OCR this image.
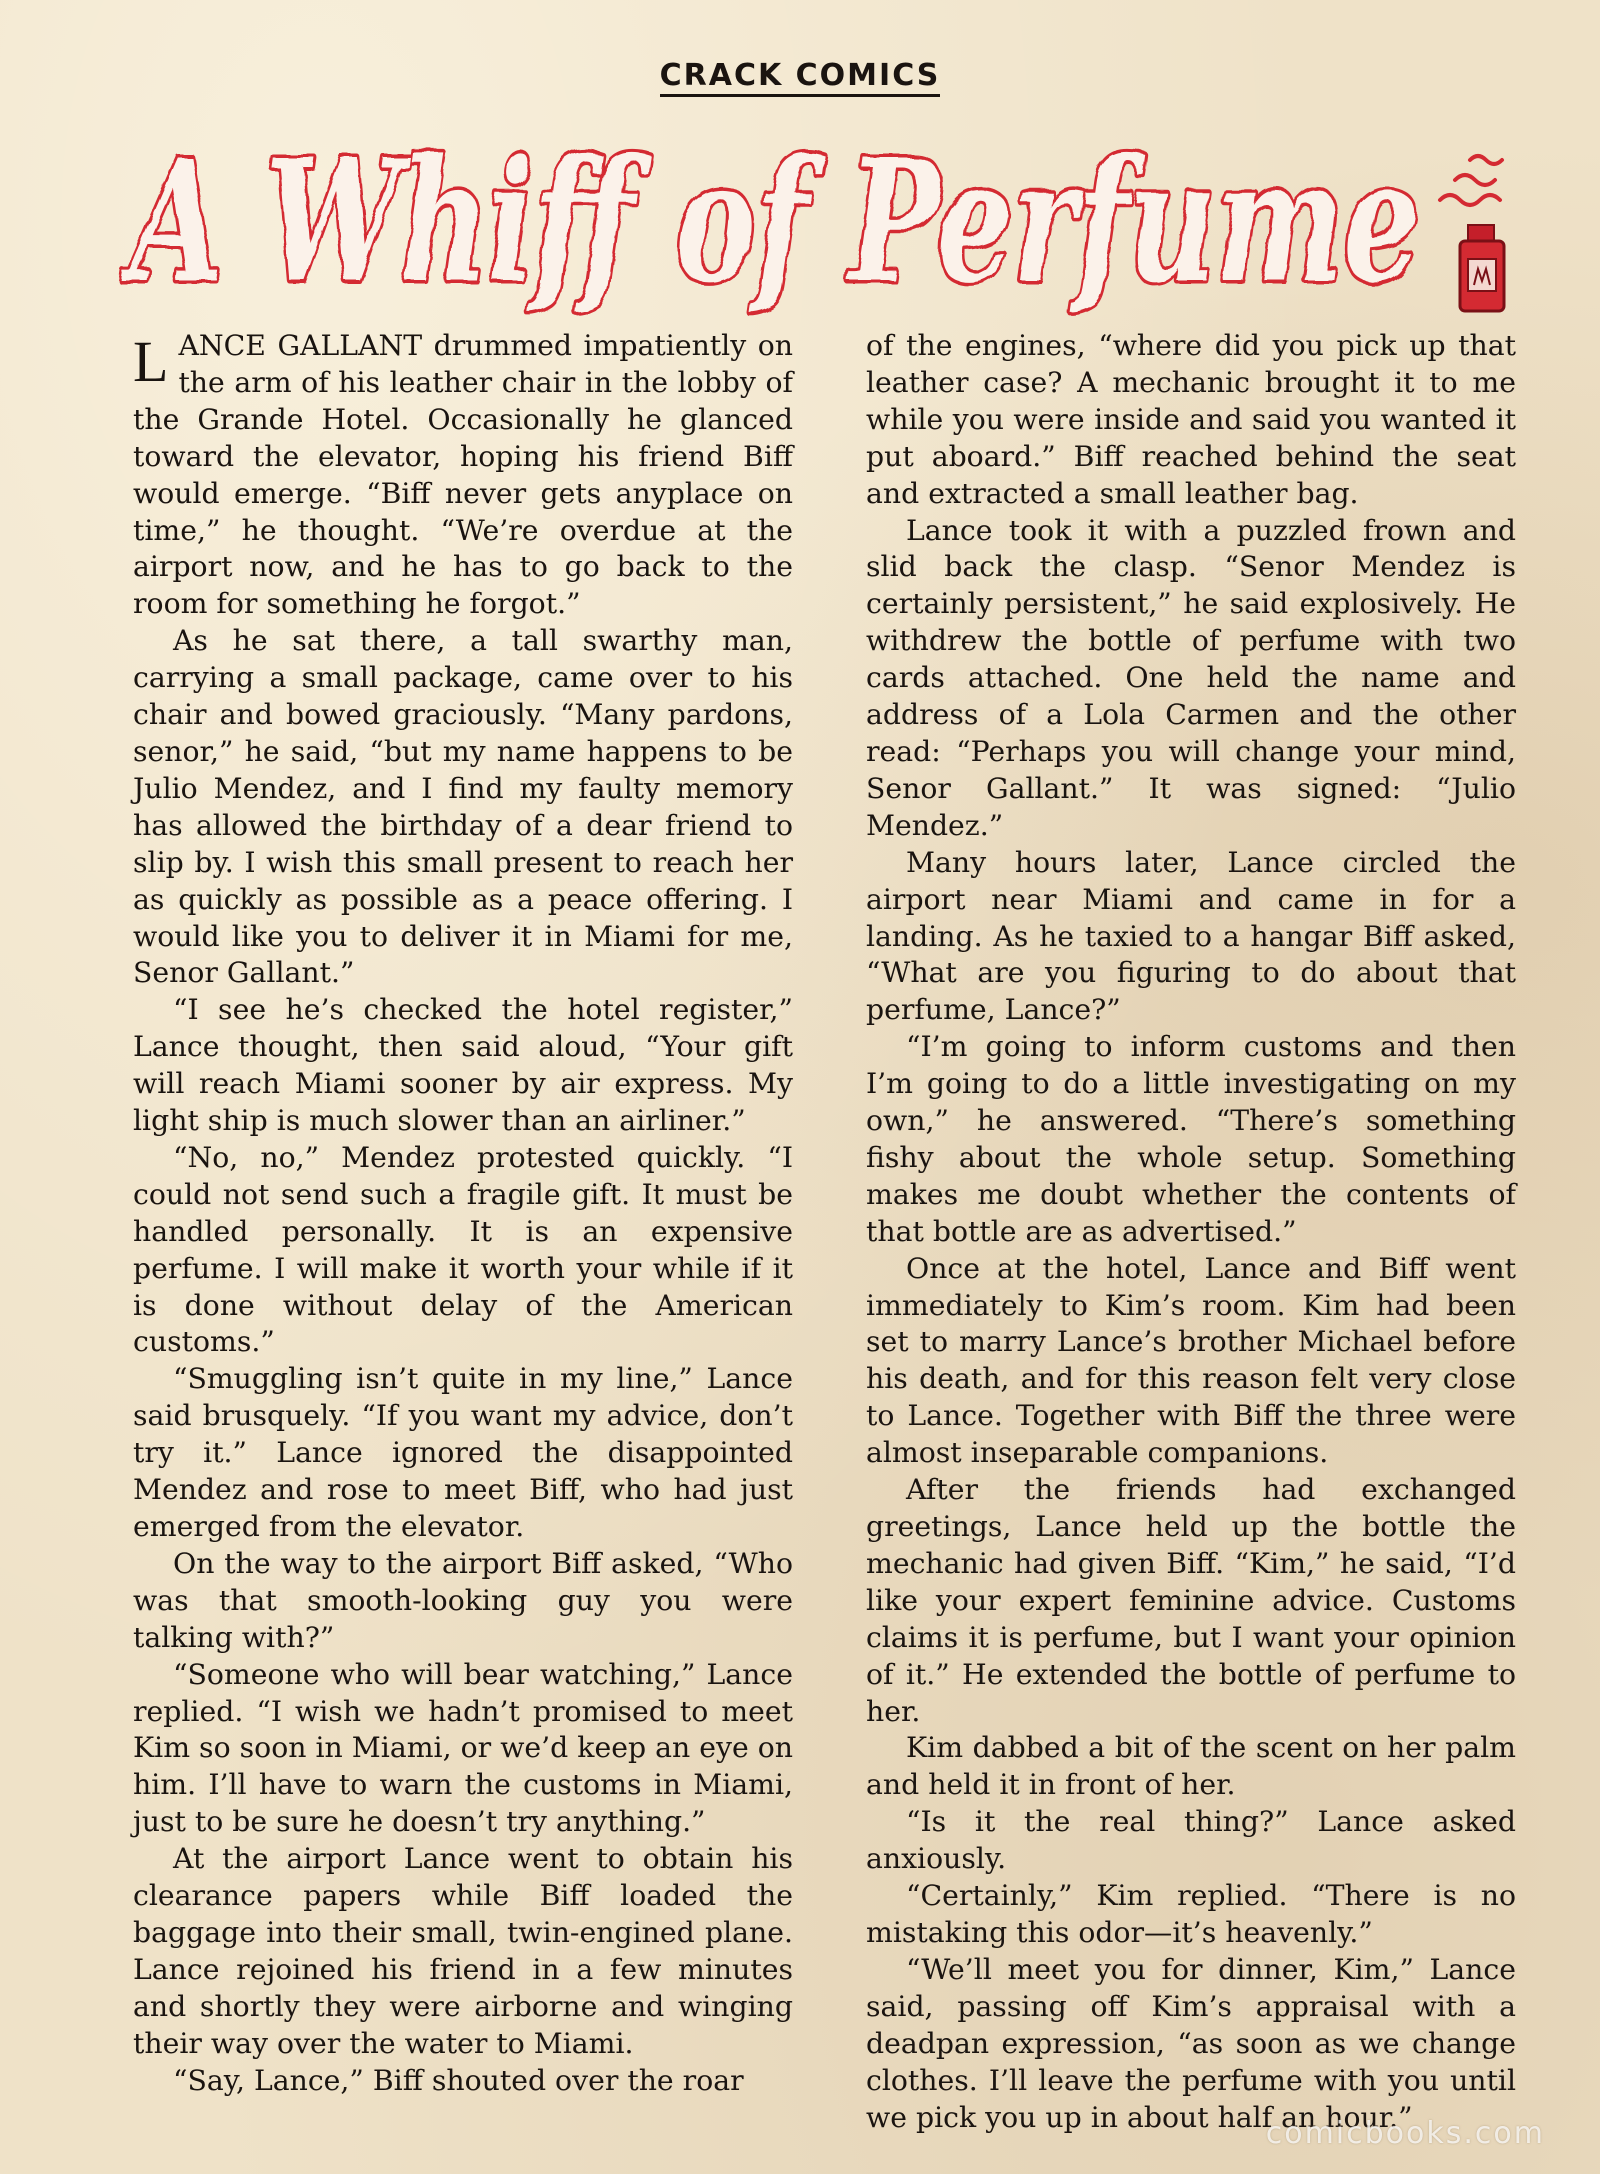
CRACK COMICS
A Whiff of Perfume

LANCE GALLANT drummed impatiently on the arm of his leather chair in the lobby of the Grande Hotel. Occasionally he glanced toward the elevator, hoping his friend Biff would emerge. “Biff never gets anyplace on time,” he thought. “We’re overdue at the airport now, and he has to go back to the room for something he forgot.”

As he sat there, a tall swarthy man, carrying a small package, came over to his chair and bowed graciously. “Many pardons, senor,” he said, “but my name happens to be Julio Mendez, and I find my faulty memory has allowed the birthday of a dear friend to slip by. I wish this small present to reach her as quickly as possible as a peace offering. I would like you to deliver it in Miami for me, Senor Gallant.”

“I see he’s checked the hotel register,” Lance thought, then said aloud, “Your gift will reach Miami sooner by air express. My light ship is much slower than an airliner.”

“No, no,” Mendez protested quickly. “I could not send such a fragile gift. It must be handled personally. It is an expensive perfume. I will make it worth your while if it is done without delay of the American customs.”

“Smuggling isn’t quite in my line,” Lance said brusquely. “If you want my advice, don’t try it.” Lance ignored the disappointed Mendez and rose to meet Biff, who had just emerged from the elevator.

On the way to the airport Biff asked, “Who was that smooth-looking guy you were talking with?”

“Someone who will bear watching,” Lance replied. “I wish we hadn’t promised to meet Kim so soon in Miami, or we’d keep an eye on him. I’ll have to warn the customs in Miami, just to be sure he doesn’t try anything.”

At the airport Lance went to obtain his clearance papers while Biff loaded the baggage into their small, twin-engined plane. Lance rejoined his friend in a few minutes and shortly they were airborne and winging their way over the water to Miami.

“Say, Lance,” Biff shouted over the roar

of the engines, “where did you pick up that leather case? A mechanic brought it to me while you were inside and said you wanted it put aboard.” Biff reached behind the seat and extracted a small leather bag.

Lance took it with a puzzled frown and slid back the clasp. “Senor Mendez is certainly persistent,” he said explosively. He withdrew the bottle of perfume with two cards attached. One held the name and address of a Lola Carmen and the other read: “Perhaps you will change your mind, Senor Gallant.” It was signed: “Julio Mendez.”

Many hours later, Lance circled the airport near Miami and came in for a landing. As he taxied to a hangar Biff asked, “What are you figuring to do about that perfume, Lance?”

“I’m going to inform customs and then I’m going to do a little investigating on my own,” he answered. “There’s something fishy about the whole setup. Something makes me doubt whether the contents of that bottle are as advertised.”

Once at the hotel, Lance and Biff went immediately to Kim’s room. Kim had been set to marry Lance’s brother Michael before his death, and for this reason felt very close to Lance. Together with Biff the three were almost inseparable companions.

After the friends had exchanged greetings, Lance held up the bottle the mechanic had given Biff. “Kim,” he said, “I’d like your expert feminine advice. Customs claims it is perfume, but I want your opinion of it.” He extended the bottle of perfume to her.

Kim dabbed a bit of the scent on her palm and held it in front of her.

“Is it the real thing?” Lance asked anxiously.

“Certainly,” Kim replied. “There is no mistaking this odor—it’s heavenly.”

“We’ll meet you for dinner, Kim,” Lance said, passing off Kim’s appraisal with a deadpan expression, “as soon as we change clothes. I’ll leave the perfume with you until we pick you up in about half an hour.”

comicbooks.com
